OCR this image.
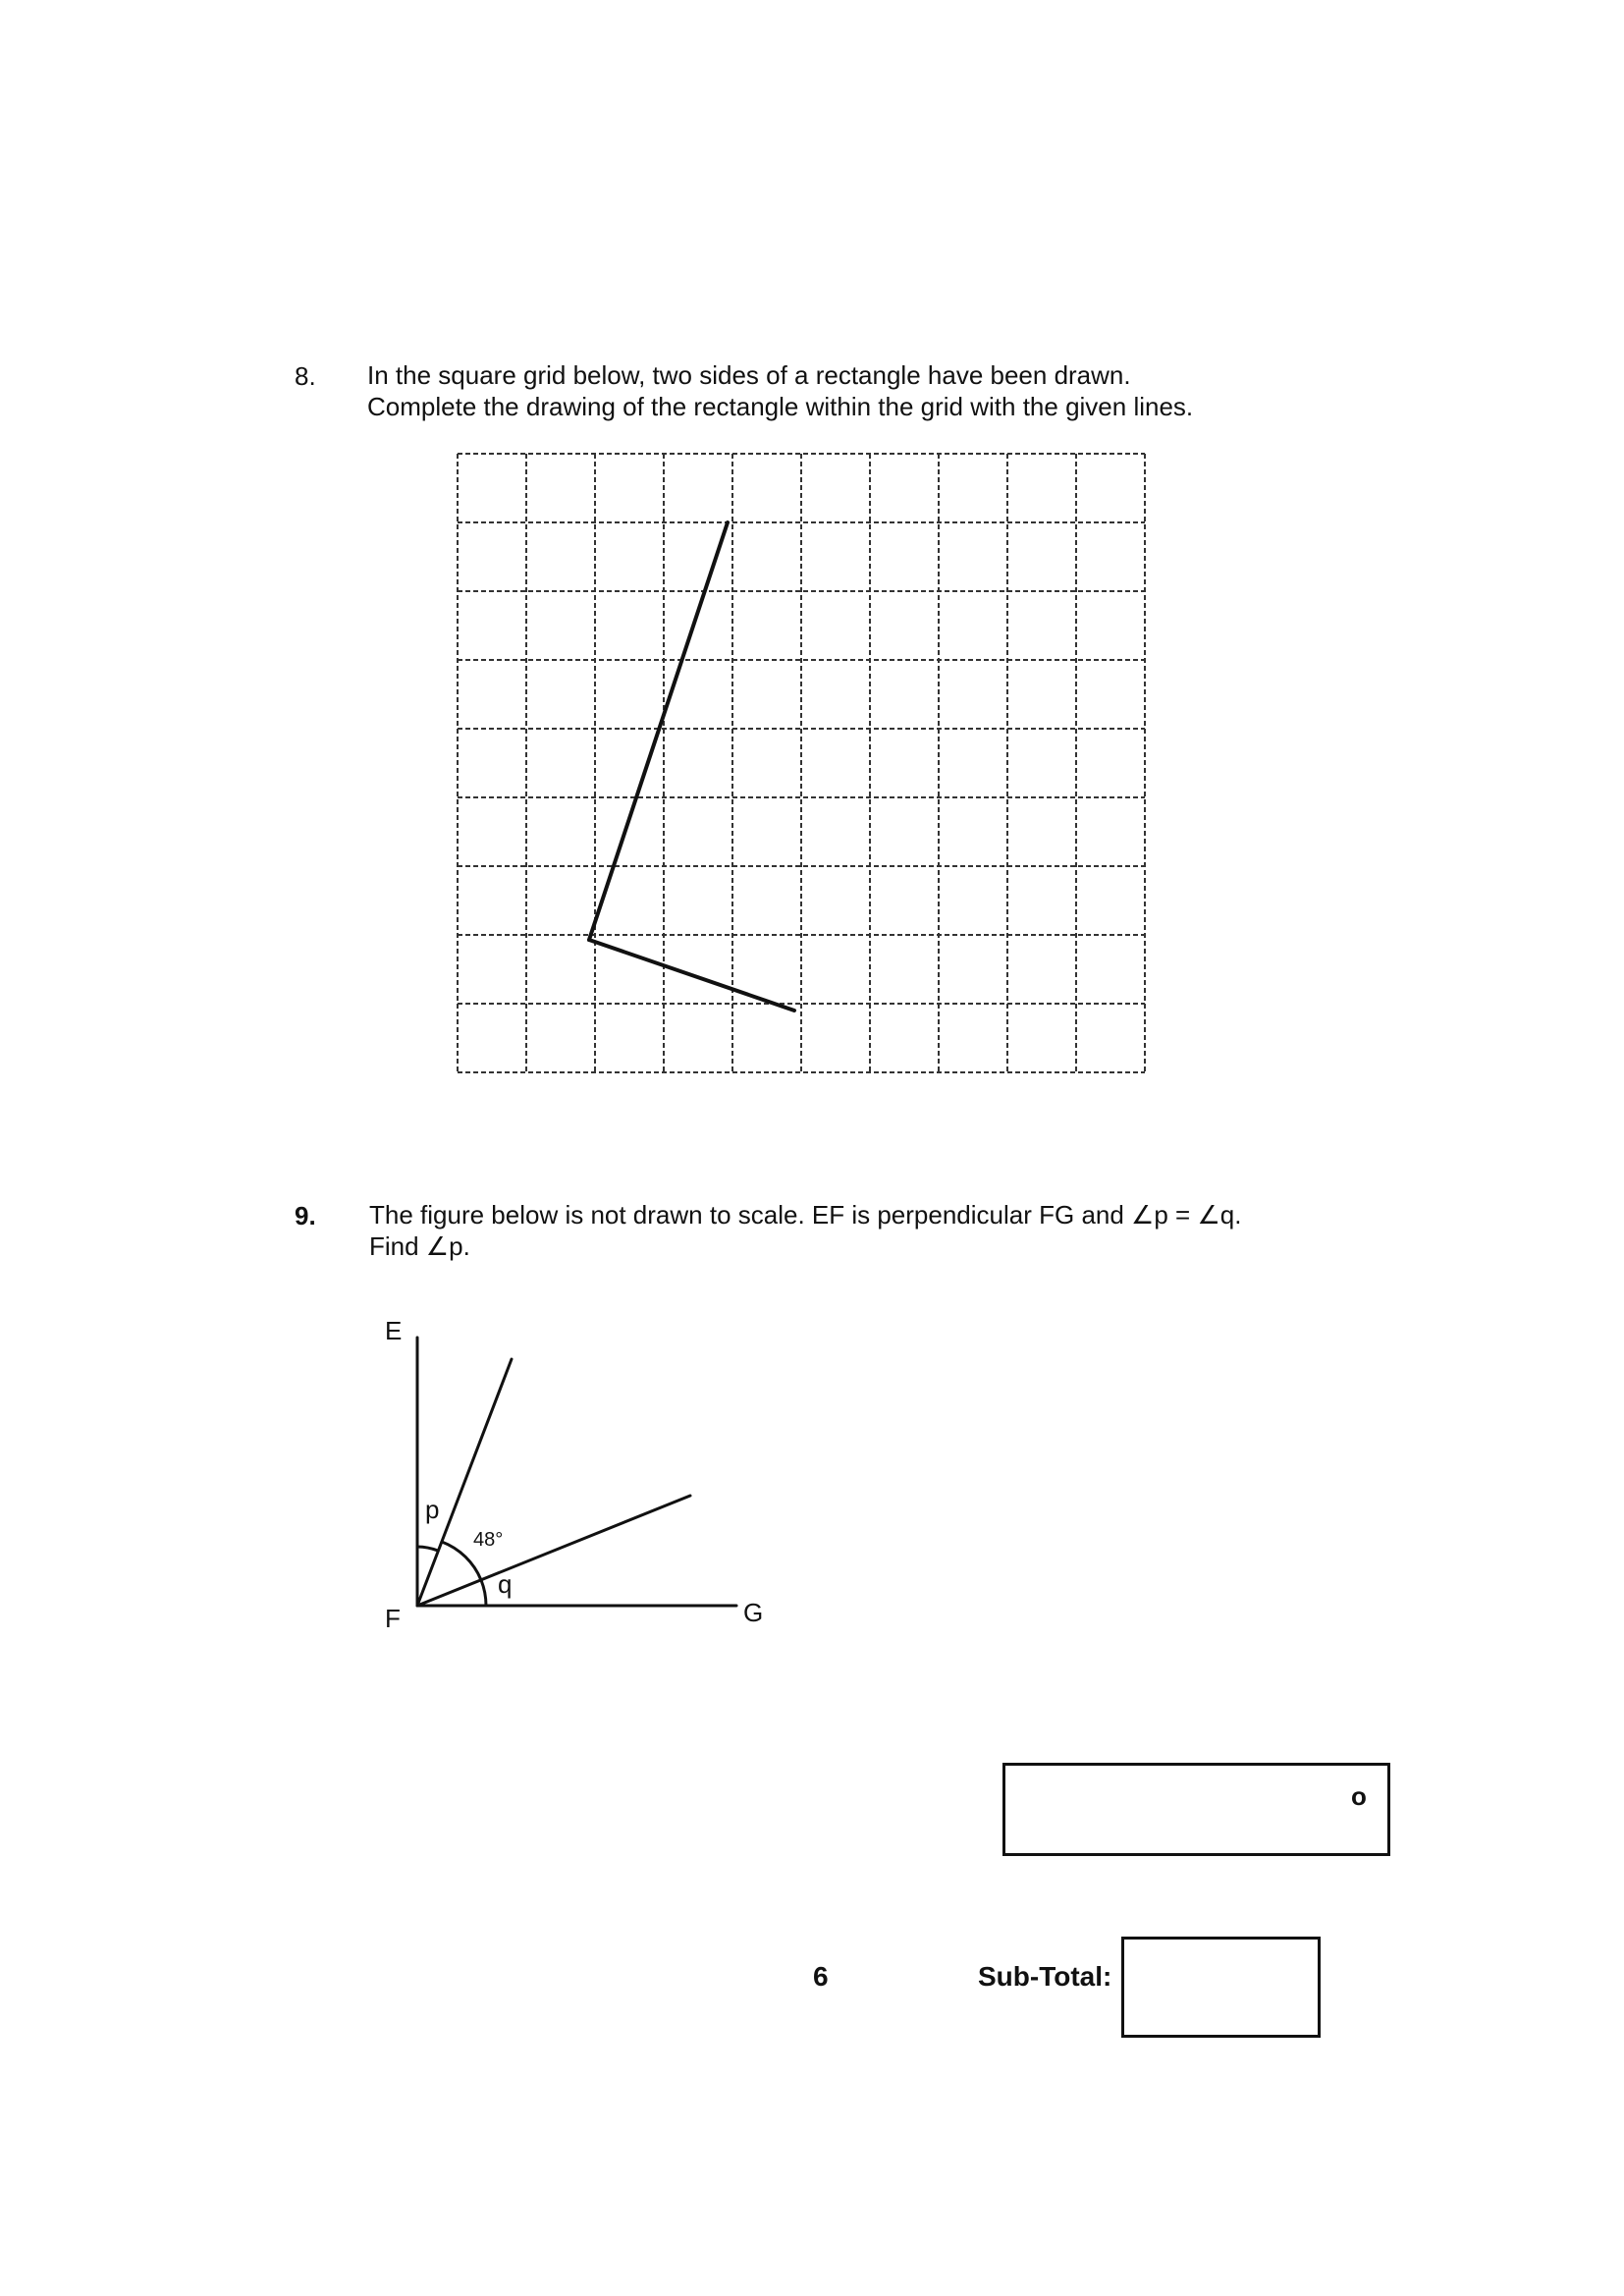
8. In the square grid below, two sides of a rectangle have been drawn.
Complete the drawing of the rectangle within the grid with the given lines.
E
F	G
p
48°
q
9. The figure below is not drawn to scale. EF is perpendicular FG and ∠p = ∠q.
Find ∠p.
o
6	Sub-Total:
